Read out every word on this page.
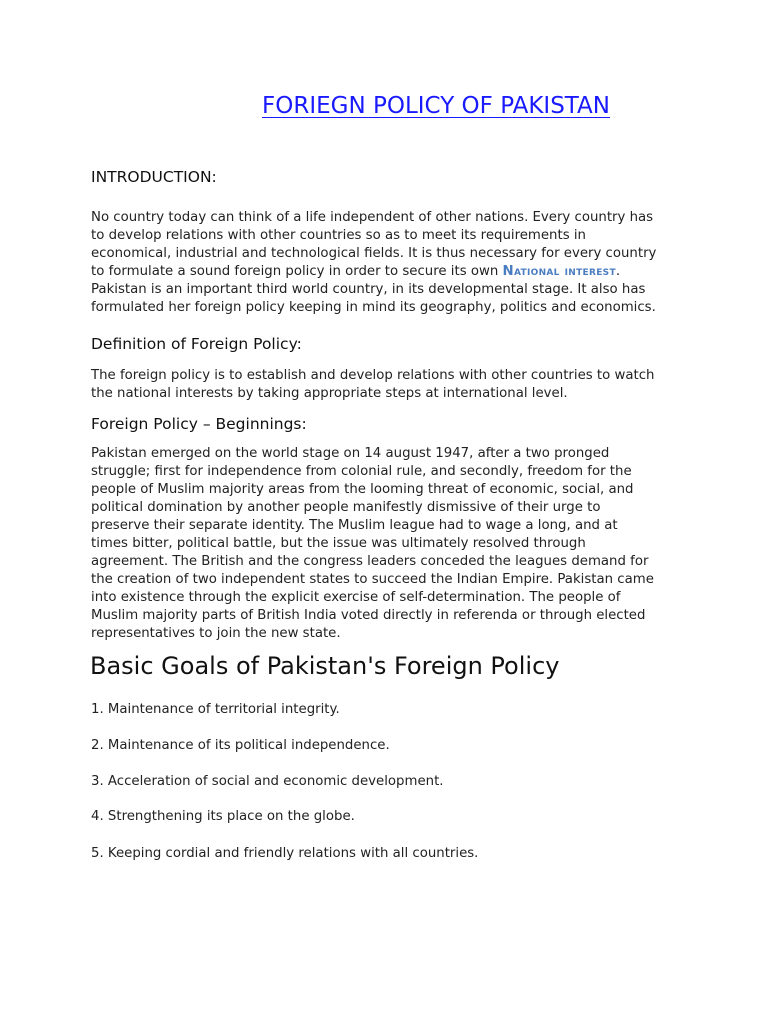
FORIEGN POLICY OF PAKISTAN
INTRODUCTION:
No country today can think of a life independent of other nations. Every country has
to develop relations with other countries so as to meet its requirements in
economical, industrial and technological fields. It is thus necessary for every country
to formulate a sound foreign policy in order to secure its own National interest.
Pakistan is an important third world country, in its developmental stage. It also has
formulated her foreign policy keeping in mind its geography, politics and economics.
Definition of Foreign Policy:
The foreign policy is to establish and develop relations with other countries to watch
the national interests by taking appropriate steps at international level.
Foreign Policy – Beginnings:
Pakistan emerged on the world stage on 14 august 1947, after a two pronged
struggle; first for independence from colonial rule, and secondly, freedom for the
people of Muslim majority areas from the looming threat of economic, social, and
political domination by another people manifestly dismissive of their urge to
preserve their separate identity. The Muslim league had to wage a long, and at
times bitter, political battle, but the issue was ultimately resolved through
agreement. The British and the congress leaders conceded the leagues demand for
the creation of two independent states to succeed the Indian Empire. Pakistan came
into existence through the explicit exercise of self-determination. The people of
Muslim majority parts of British India voted directly in referenda or through elected
representatives to join the new state.
Basic Goals of Pakistan's Foreign Policy

1. Maintenance of territorial integrity.

2. Maintenance of its political independence.

3. Acceleration of social and economic development.

4. Strengthening its place on the globe.

5. Keeping cordial and friendly relations with all countries.
